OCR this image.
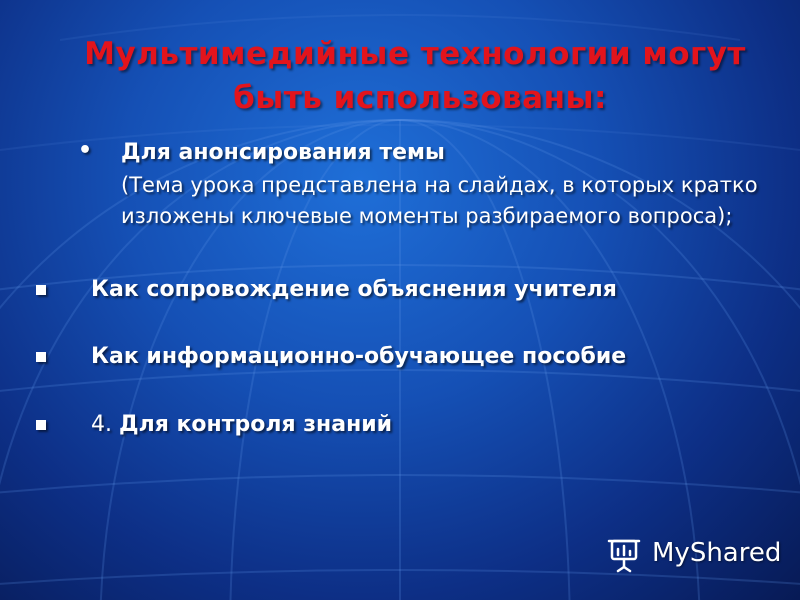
Мультимедийные технологии могут
быть использованы:
• Для анонсирования темы
(Тема урока представлена на слайдах, в которых кратко изложены ключевые моменты разбираемого вопроса);
Как сопровождение объяснения учителя
Как информационно-обучающее пособие
4. Для контроля знаний
MyShared
